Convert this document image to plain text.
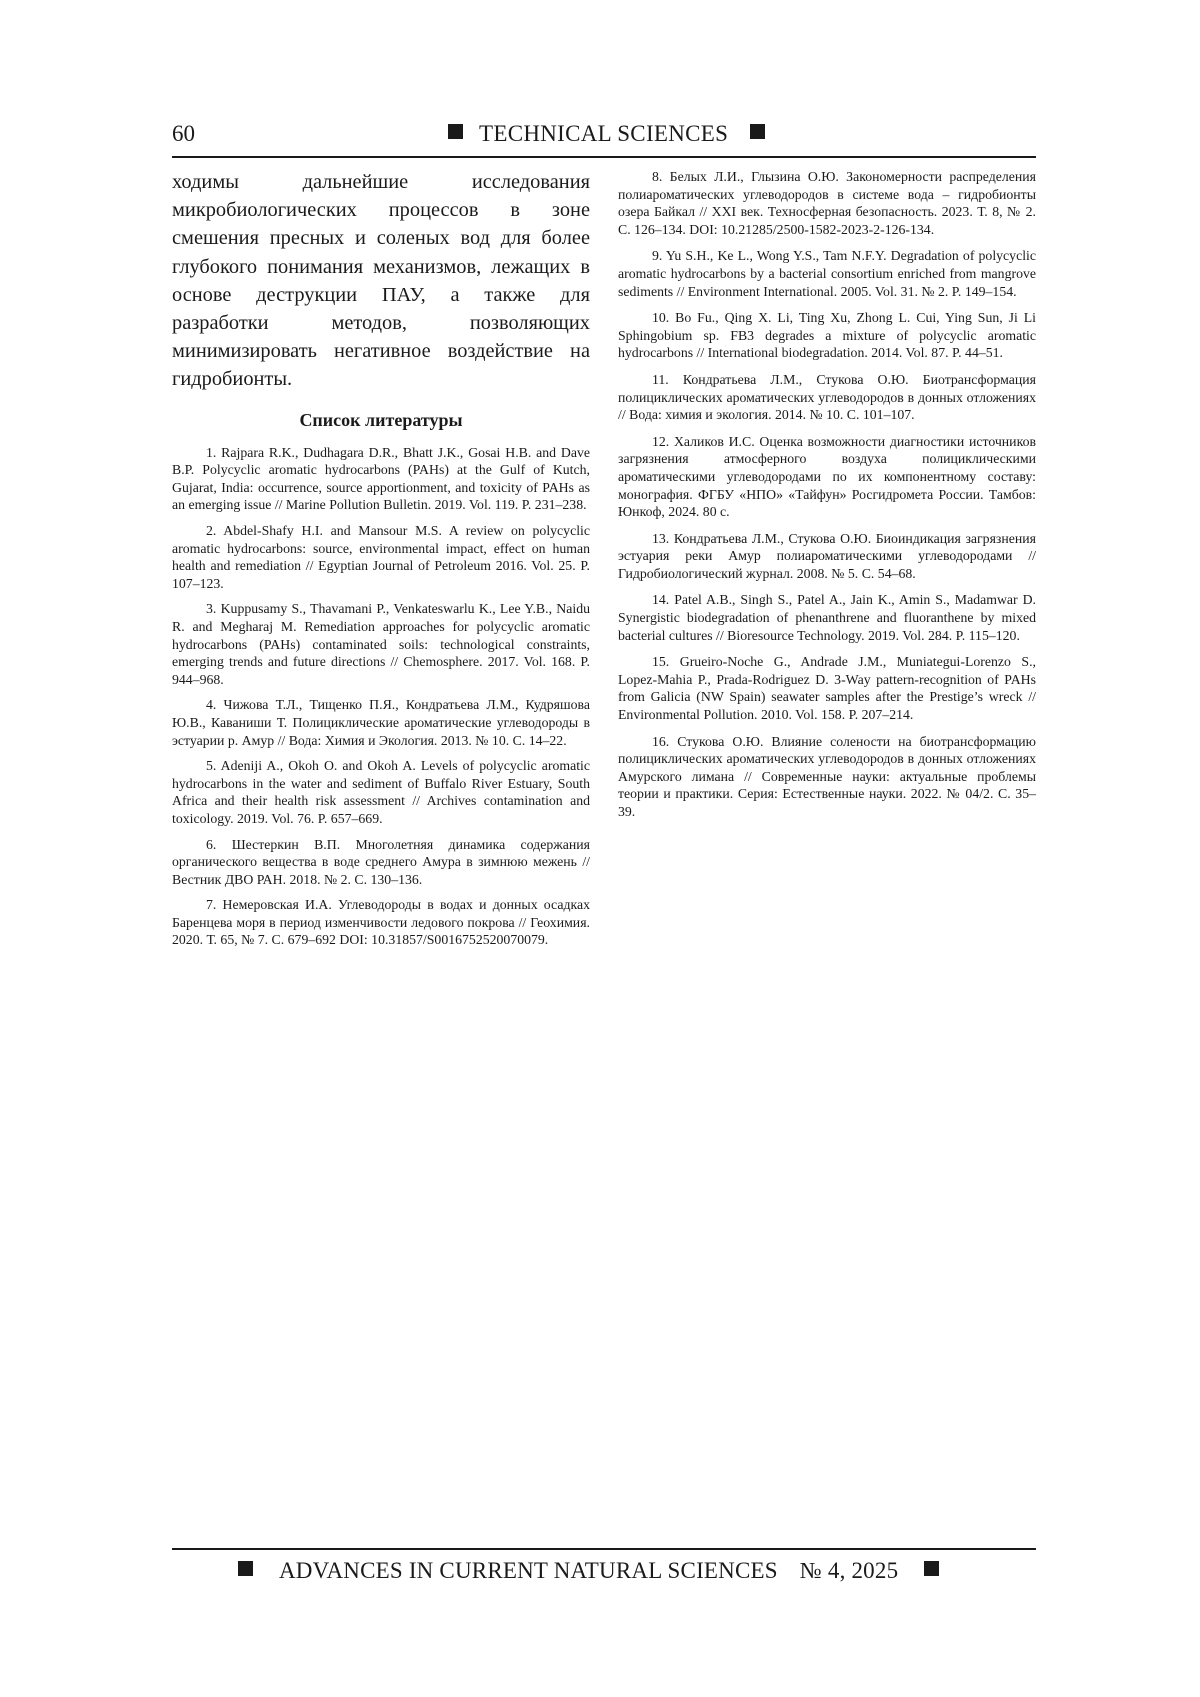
60	TECHNICAL SCIENCES

ходимы дальнейшие исследования микробиологических процессов в зоне смешения пресных и соленых вод для более глубокого понимания механизмов, лежащих в основе деструкции ПАУ, а также для разработки методов, позволяющих минимизировать негативное воздействие на гидробионты.

Список литературы

1. Rajpara R.K., Dudhagara D.R., Bhatt J.K., Gosai H.B. and Dave B.P. Polycyclic aromatic hydrocarbons (PAHs) at the Gulf of Kutch, Gujarat, India: occurrence, source apportionment, and toxicity of PAHs as an emerging issue // Marine Pollution Bulletin. 2019. Vol. 119. P. 231–238.

2. Abdel-Shafy H.I. and Mansour M.S. A review on polycyclic aromatic hydrocarbons: source, environmental impact, effect on human health and remediation // Egyptian Journal of Petroleum 2016. Vol. 25. P. 107–123.

3. Kuppusamy S., Thavamani P., Venkateswarlu K., Lee Y.B., Naidu R. and Megharaj M. Remediation approaches for polycyclic aromatic hydrocarbons (PAHs) contaminated soils: technological constraints, emerging trends and future directions // Chemosphere. 2017. Vol. 168. P. 944–968.

4. Чижова Т.Л., Тищенко П.Я., Кондратьева Л.М., Кудряшова Ю.В., Каваниши Т. Полициклические ароматические углеводороды в эстуарии р. Амур // Вода: Химия и Экология. 2013. № 10. С. 14–22.

5. Adeniji A., Okoh O. and Okoh A. Levels of polycyclic aromatic hydrocarbons in the water and sediment of Buffalo River Estuary, South Africa and their health risk assessment // Archives contamination and toxicology. 2019. Vol. 76. P. 657–669.

6. Шестеркин В.П. Многолетняя динамика содержания органического вещества в воде среднего Амура в зимнюю межень // Вестник ДВО РАН. 2018. № 2. С. 130–136.

7. Немеровская И.А. Углеводороды в водах и донных осадках Баренцева моря в период изменчивости ледового покрова // Геохимия. 2020. Т. 65, № 7. С. 679–692 DOI: 10.31857/S0016752520070079.

8. Белых Л.И., Глызина О.Ю. Закономерности распределения полиароматических углеводородов в системе вода – гидробионты озера Байкал // XXI век. Техносферная безопасность. 2023. Т. 8, № 2. С. 126–134. DOI: 10.21285/2500-1582-2023-2-126-134.

9. Yu S.H., Ke L., Wong Y.S., Tam N.F.Y. Degradation of polycyclic aromatic hydrocarbons by a bacterial consortium enriched from mangrove sediments // Environment International. 2005. Vol. 31. № 2. P. 149–154.

10. Bo Fu., Qing X. Li, Ting Xu, Zhong L. Cui, Ying Sun, Ji Li Sphingobium sp. FB3 degrades a mixture of polycyclic aromatic hydrocarbons // International biodegradation. 2014. Vol. 87. P. 44–51.

11. Кондратьева Л.М., Стукова О.Ю. Биотрансформация полициклических ароматических углеводородов в донных отложениях // Вода: химия и экология. 2014. № 10. С. 101–107.

12. Халиков И.С. Оценка возможности диагностики источников загрязнения атмосферного воздуха полициклическими ароматическими углеводородами по их компонентному составу: монография. ФГБУ «НПО» «Тайфун» Росгидромета России. Тамбов: Юнкоф, 2024. 80 с.

13. Кондратьева Л.М., Стукова О.Ю. Биоиндикация загрязнения эстуария реки Амур полиароматическими углеводородами // Гидробиологический журнал. 2008. № 5. С. 54–68.

14. Patel A.B., Singh S., Patel A., Jain K., Amin S., Madamwar D. Synergistic biodegradation of phenanthrene and fluoranthene by mixed bacterial cultures // Bioresource Technology. 2019. Vol. 284. P. 115–120.

15. Grueiro-Noche G., Andrade J.M., Muniategui-Lorenzo S., Lopez-Mahia P., Prada-Rodriguez D. 3-Way pattern-recognition of PAHs from Galicia (NW Spain) seawater samples after the Prestige’s wreck // Environmental Pollution. 2010. Vol. 158. P. 207–214.

16. Стукова О.Ю. Влияние солености на биотрансформацию полициклических ароматических углеводородов в донных отложениях Амурского лимана // Современные науки: актуальные проблемы теории и практики. Серия: Естественные науки. 2022. № 04/2. С. 35–39.

ADVANCES IN CURRENT NATURAL SCIENCES № 4, 2025
